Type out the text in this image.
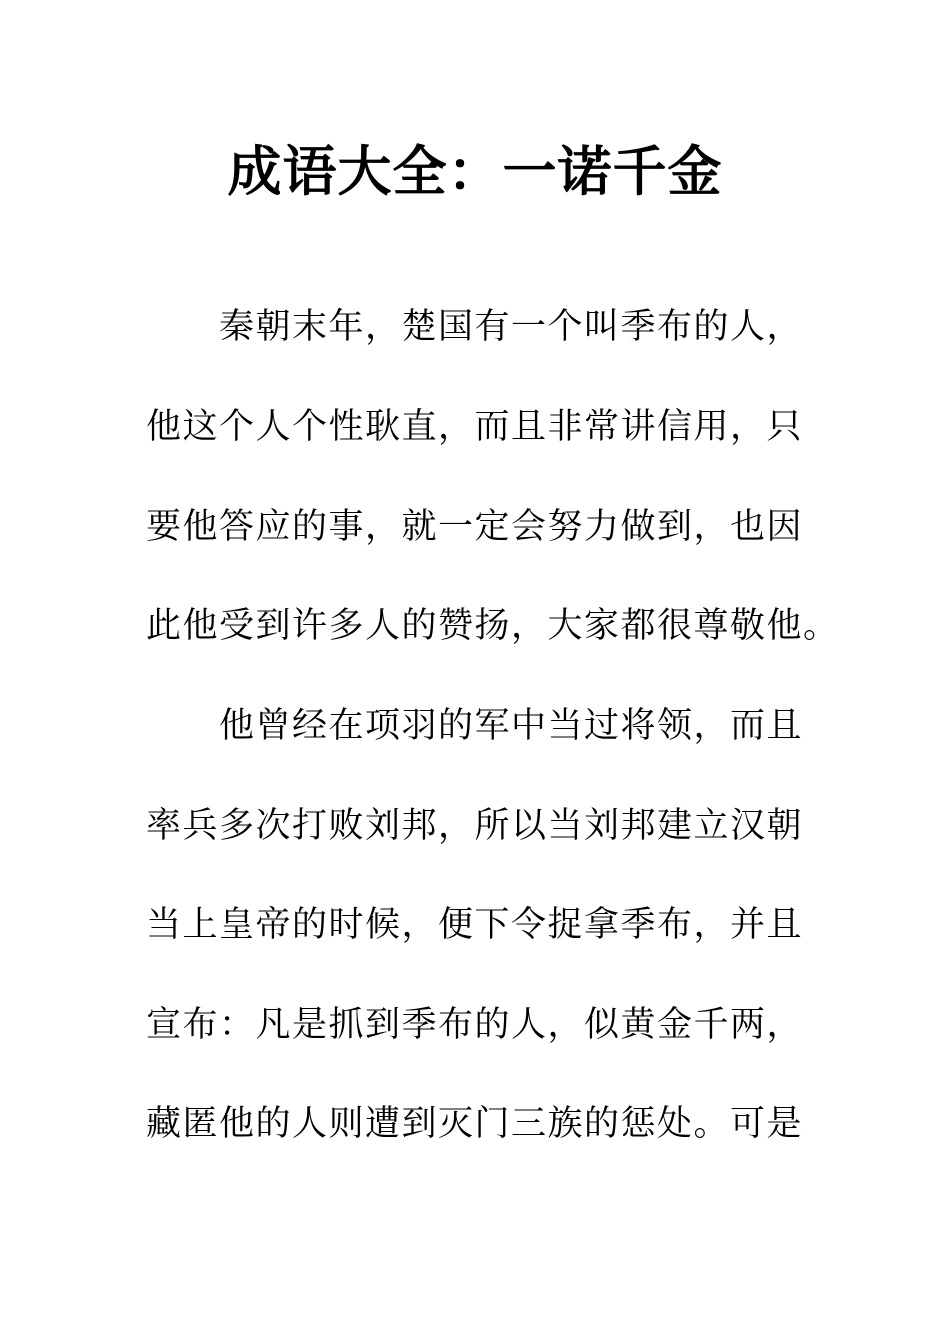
成语大全：一诺千金
秦朝末年，楚国有一个叫季布的人，
他这个人个性耿直，而且非常讲信用，只
要他答应的事，就一定会努力做到，也因
此他受到许多人的赞扬，大家都很尊敬他。
他曾经在项羽的军中当过将领，而且
率兵多次打败刘邦，所以当刘邦建立汉朝
当上皇帝的时候，便下令捉拿季布，并且
宣布：凡是抓到季布的人，似黄金千两，
藏匿他的人则遭到灭门三族的惩处。可是
